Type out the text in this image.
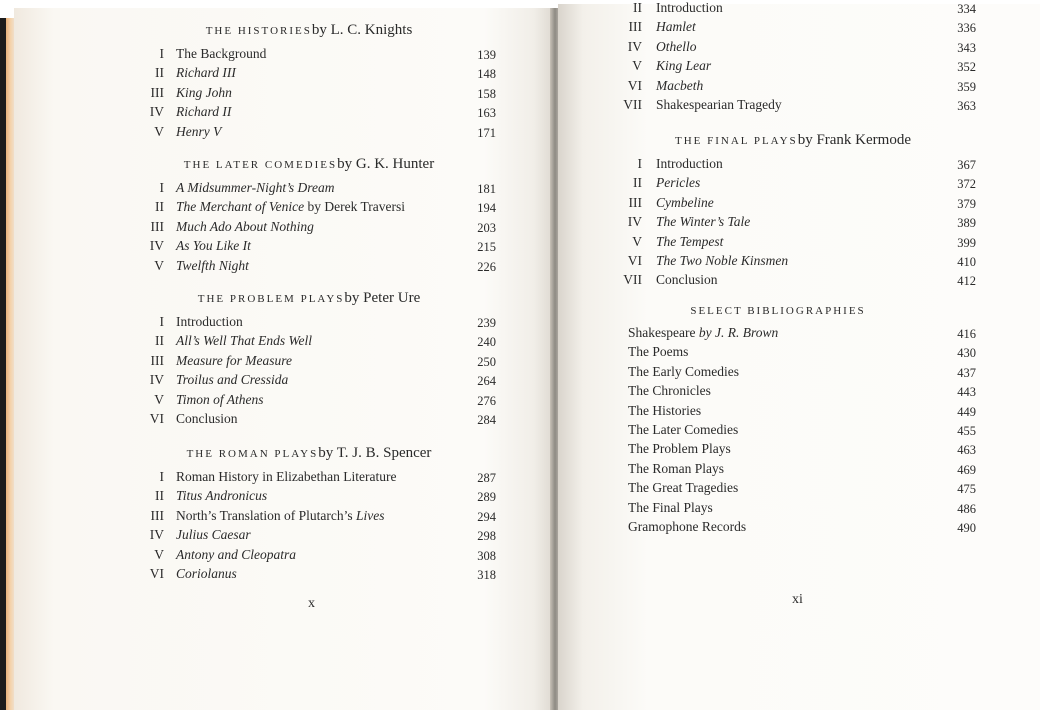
THE HISTORIESby L. C. Knights
I The Background	139
II Richard III	148
III King John	158
IV Richard II	163
V Henry V	171
THE LATER COMEDIESby G. K. Hunter
I A Midsummer-Night’s Dream	181
II The Merchant of Venice by Derek Traversi	194
III Much Ado About Nothing	203
IV As You Like It	215
V Twelfth Night	226
THE PROBLEM PLAYSby Peter Ure
I Introduction	239
II All’s Well That Ends Well	240
III Measure for Measure	250
IV Troilus and Cressida	264
V Timon of Athens	276
VI Conclusion	284
THE ROMAN PLAYSby T. J. B. Spencer
I Roman History in Elizabethan Literature	287
II Titus Andronicus	289
III North’s Translation of Plutarch’s Lives	294
IV Julius Caesar	298
V Antony and Cleopatra	308
VI Coriolanus	318
x
II Introduction	334
III Hamlet	336
IV Othello	343
V King Lear	352
VI Macbeth	359
VII Shakespearian Tragedy	363
THE FINAL PLAYSby Frank Kermode
I Introduction	367
II Pericles	372
III Cymbeline	379
IV The Winter’s Tale	389
V The Tempest	399
VI The Two Noble Kinsmen	410
VII Conclusion	412
SELECT BIBLIOGRAPHIES
Shakespeare by J. R. Brown	416
The Poems	430
The Early Comedies	437
The Chronicles	443
The Histories	449
The Later Comedies	455
The Problem Plays	463
The Roman Plays	469
The Great Tragedies	475
The Final Plays	486
Gramophone Records	490
xi
